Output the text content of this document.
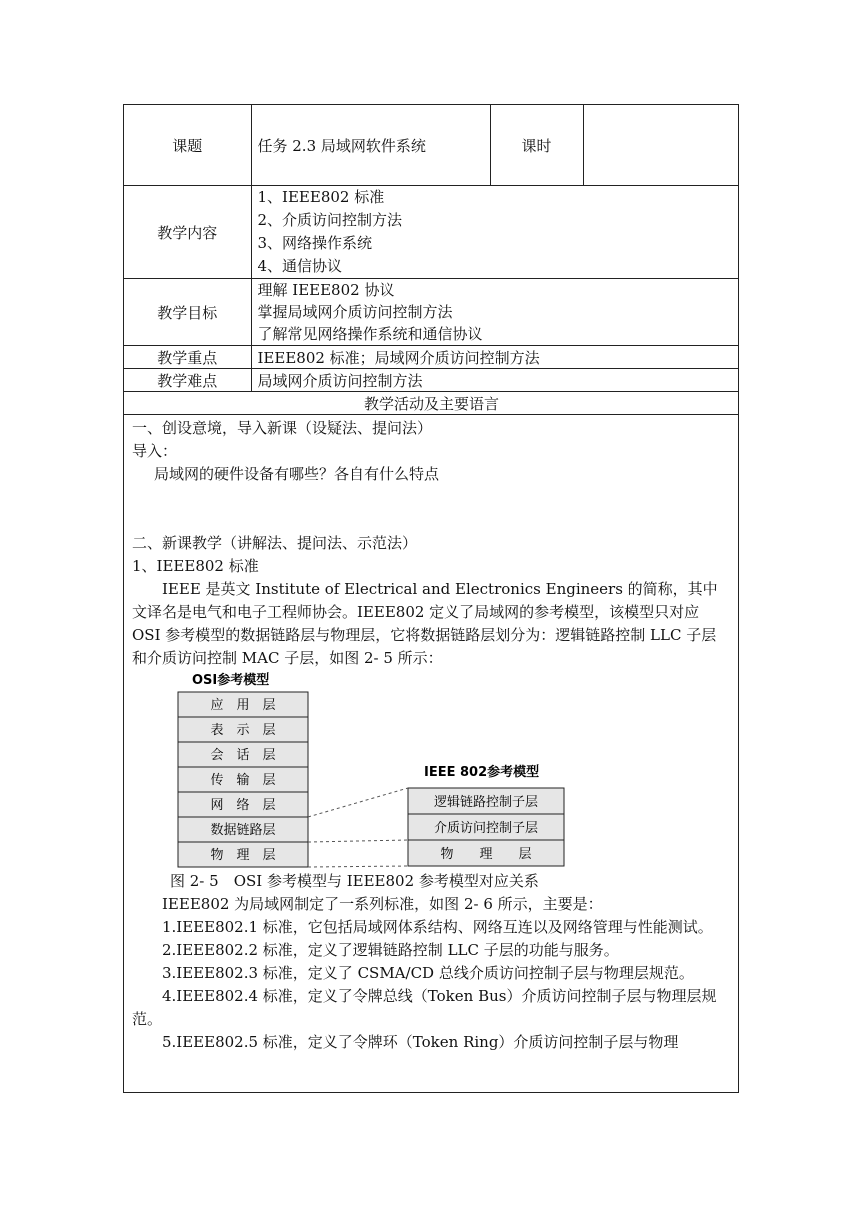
课题	任务 2.3 局域网软件系统	课时	
教学内容	1、IEEE802 标准
2、介质访问控制方法
3、网络操作系统
4、通信协议		

教学目标	理解 IEEE802 协议
掌握局域网介质访问控制方法
了解常见网络操作系统和通信协议		

教学重点	IEEE802 标准；局域网介质访问控制方法		
教学难点	局域网介质访问控制方法		
教学活动及主要语言			

一、创设意境，导入新课（设疑法、提问法）

导入：

局域网的硬件设备有哪些？各自有什么特点

二、新课教学（讲解法、提问法、示范法）

1、IEEE802 标准

IEEE 是英文 Institute of Electrical and Electronics Engineers 的简称，其中文译名是电气和电子工程师协会。IEEE802 定义了局域网的参考模型，该模型只对应 OSI 参考模型的数据链路层与物理层，它将数据链路层划分为：逻辑链路控制 LLC 子层和介质访问控制 MAC 子层，如图 2- 5 所示：

OSI参考模型
应　用　层
表　示　层
会　话　层
传　输　层
网　络　层
数据链路层
物　理　层
IEEE 802参考模型
逻辑链路控制子层
介质访问控制子层
物　　理　　层

图 2- 5　OSI 参考模型与 IEEE802 参考模型对应关系

IEEE802 为局域网制定了一系列标准，如图 2- 6 所示，主要是：

1.IEEE802.1 标准，它包括局域网体系结构、网络互连以及网络管理与性能测试。

2.IEEE802.2 标准，定义了逻辑链路控制 LLC 子层的功能与服务。

3.IEEE802.3 标准，定义了 CSMA/CD 总线介质访问控制子层与物理层规范。

4.IEEE802.4 标准，定义了令牌总线（Token Bus）介质访问控制子层与物理层规范。

5.IEEE802.5 标准，定义了令牌环（Token Ring）介质访问控制子层与物理
